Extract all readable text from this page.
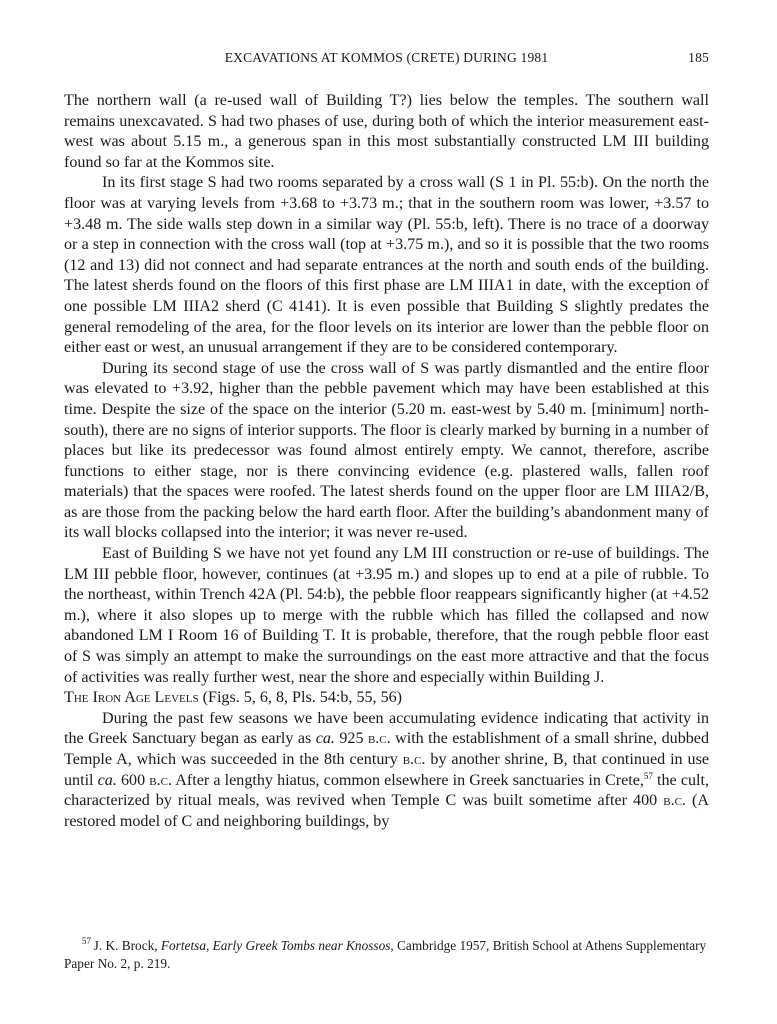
EXCAVATIONS AT KOMMOS (CRETE) DURING 1981	185

The northern wall (a re-used wall of Building T?) lies below the temples. The southern wall remains unexcavated. S had two phases of use, during both of which the interior measurement east-west was about 5.15 m., a generous span in this most substantially constructed LM III building found so far at the Kommos site.

In its first stage S had two rooms separated by a cross wall (S 1 in Pl. 55:b). On the north the floor was at varying levels from +3.68 to +3.73 m.; that in the southern room was lower, +3.57 to +3.48 m. The side walls step down in a similar way (Pl. 55:b, left). There is no trace of a doorway or a step in connection with the cross wall (top at +3.75 m.), and so it is possible that the two rooms (12 and 13) did not connect and had separate entrances at the north and south ends of the building. The latest sherds found on the floors of this first phase are LM IIIA1 in date, with the exception of one possible LM IIIA2 sherd (C 4141). It is even possible that Building S slightly predates the general remodeling of the area, for the floor levels on its interior are lower than the pebble floor on either east or west, an unusual arrangement if they are to be considered contemporary.

During its second stage of use the cross wall of S was partly dismantled and the entire floor was elevated to +3.92, higher than the pebble pavement which may have been established at this time. Despite the size of the space on the interior (5.20 m. east-west by 5.40 m. [minimum] north-south), there are no signs of interior supports. The floor is clearly marked by burning in a number of places but like its predecessor was found almost entirely empty. We cannot, therefore, ascribe functions to either stage, nor is there convincing evidence (e.g. plastered walls, fallen roof materials) that the spaces were roofed. The latest sherds found on the upper floor are LM IIIA2/B, as are those from the packing below the hard earth floor. After the building’s abandonment many of its wall blocks collapsed into the interior; it was never re-used.

East of Building S we have not yet found any LM III construction or re-use of buildings. The LM III pebble floor, however, continues (at +3.95 m.) and slopes up to end at a pile of rubble. To the northeast, within Trench 42A (Pl. 54:b), the pebble floor reappears significantly higher (at +4.52 m.), where it also slopes up to merge with the rubble which has filled the collapsed and now abandoned LM I Room 16 of Building T. It is probable, therefore, that the rough pebble floor east of S was simply an attempt to make the surroundings on the east more attractive and that the focus of activities was really further west, near the shore and especially within Building J.

The Iron Age Levels (Figs. 5, 6, 8, Pls. 54:b, 55, 56)

During the past few seasons we have been accumulating evidence indicating that activity in the Greek Sanctuary began as early as ca. 925 b.c. with the establishment of a small shrine, dubbed Temple A, which was succeeded in the 8th century b.c. by another shrine, B, that continued in use until ca. 600 b.c. After a lengthy hiatus, common elsewhere in Greek sanctuaries in Crete,$^{57}$ the cult, characterized by ritual meals, was revived when Temple C was built sometime after 400 b.c. (A restored model of C and neighboring buildings, by

$^{57}$  J. K. Brock, Fortetsa, Early Greek Tombs near Knossos, Cambridge 1957, British School at Athens Supplementary Paper No. 2, p. 219.
